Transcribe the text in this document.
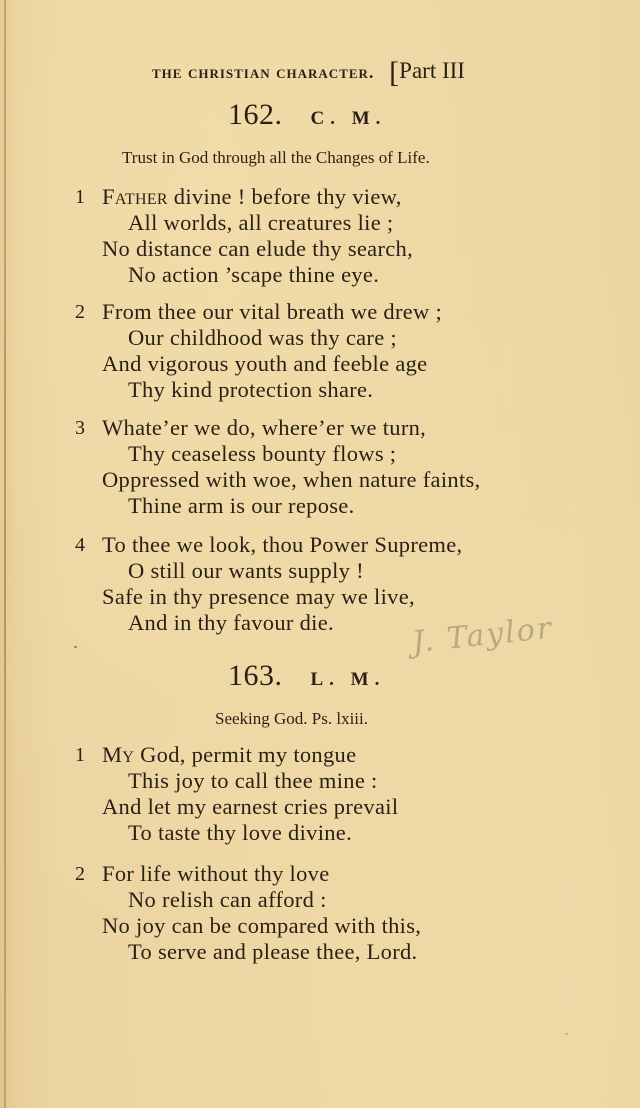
the christian character. [Part III
162. C. M.
Trust in God through all the Changes of Life.
1 Father divine ! before thy view,
All worlds, all creatures lie ;
No distance can elude thy search,
No action ’scape thine eye.
2 From thee our vital breath we drew ;
Our childhood was thy care ;
And vigorous youth and feeble age
Thy kind protection share.
3 Whate’er we do, where’er we turn,
Thy ceaseless bounty flows ;
Oppressed with woe, when nature faints,
Thine arm is our repose.
4 To thee we look, thou Power Supreme,
O still our wants supply !
Safe in thy presence may we live,
And in thy favour die.	J. Taylor
163. L. M.
Seeking God. Ps. lxiii.
1 My God, permit my tongue
This joy to call thee mine :
And let my earnest cries prevail
To taste thy love divine.
2 For life without thy love
No relish can afford :
No joy can be compared with this,
To serve and please thee, Lord.
